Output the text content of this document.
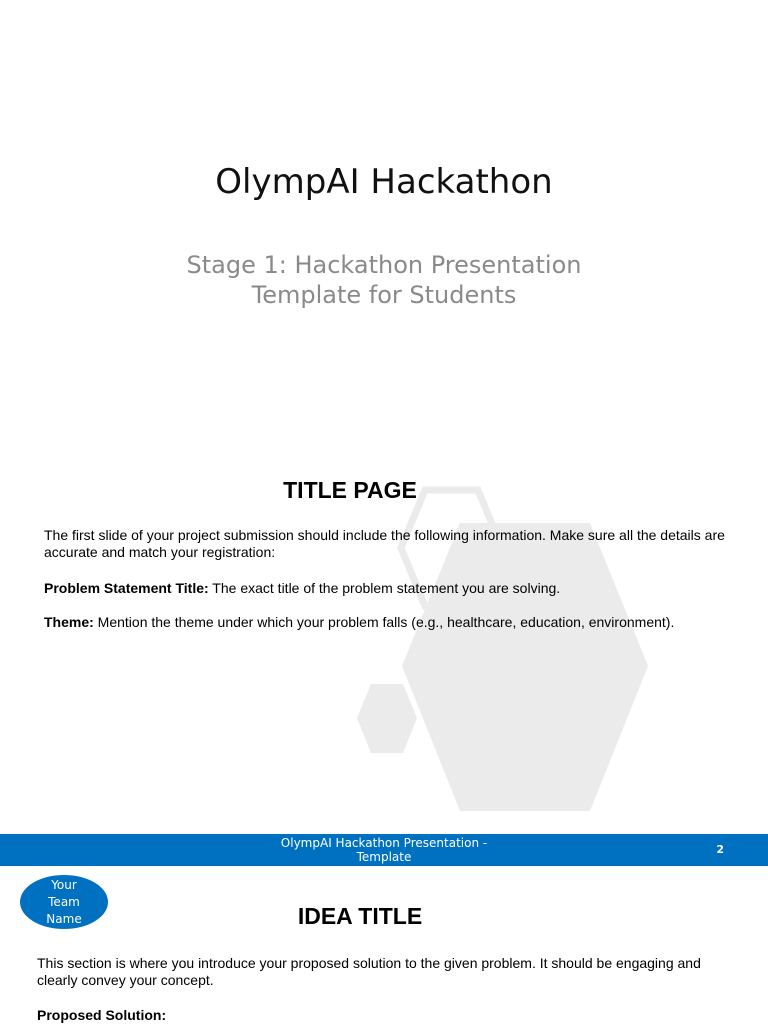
OlympAI Hackathon
Stage 1: Hackathon Presentation Template for Students
TITLE PAGE
The first slide of your project submission should include the following information. Make sure all the details are accurate and match your registration:
Problem Statement Title: The exact title of the problem statement you are solving.
Theme: Mention the theme under which your problem falls (e.g., healthcare, education, environment).
OlympAI Hackathon Presentation - Template
2
Your Team Name	IDEA TITLE
This section is where you introduce your proposed solution to the given problem. It should be engaging and clearly convey your concept.
Proposed Solution:
